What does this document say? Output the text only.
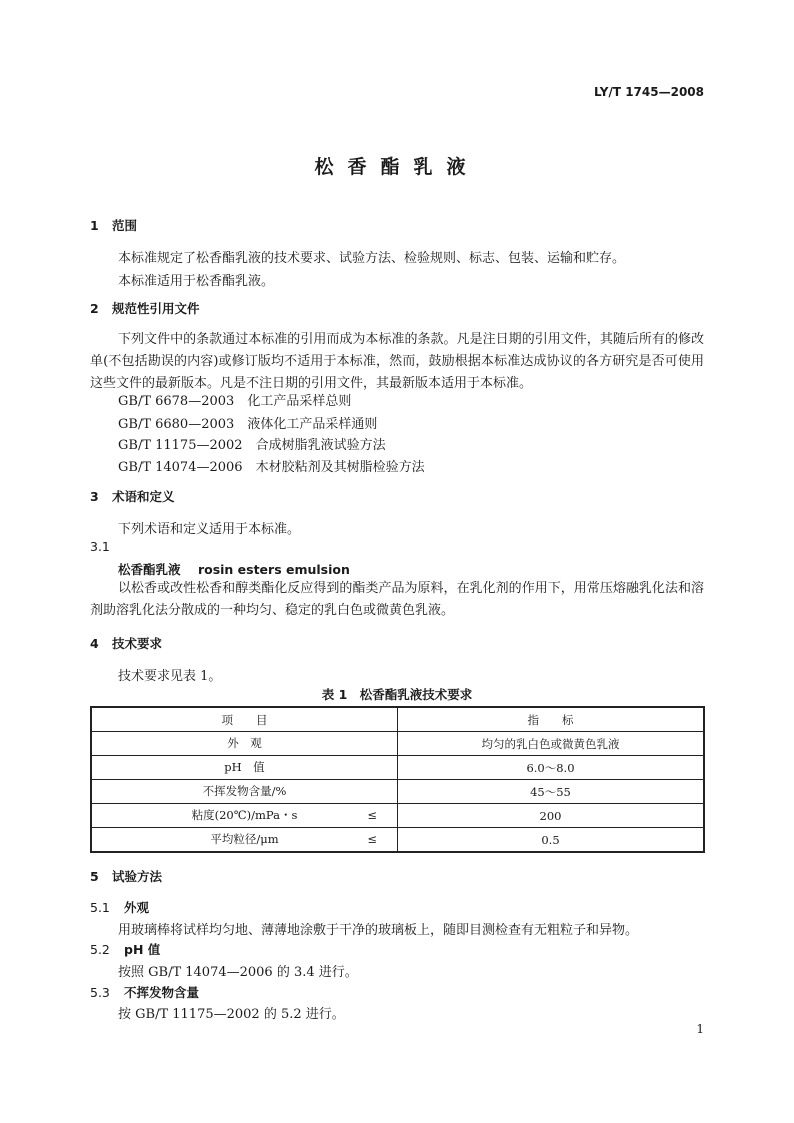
LY/T 1745—2008
松香酯乳液
1 范围
本标准规定了松香酯乳液的技术要求、试验方法、检验规则、标志、包装、运输和贮存。
本标准适用于松香酯乳液。
2 规范性引用文件
下列文件中的条款通过本标准的引用而成为本标准的条款。凡是注日期的引用文件，其随后所有的修改单(不包括勘误的内容)或修订版均不适用于本标准，然而，鼓励根据本标准达成协议的各方研究是否可使用这些文件的最新版本。凡是不注日期的引用文件，其最新版本适用于本标准。
GB/T 6678—2003　 化工产品采样总则
GB/T 6680—2003　 液体化工产品采样通则
GB/T 11175—2002　 合成树脂乳液试验方法
GB/T 14074—2006　 木材胶粘剂及其树脂检验方法
3 术语和定义
下列术语和定义适用于本标准。
3.1
松香酯乳液 rosin esters emulsion
以松香或改性松香和醇类酯化反应得到的酯类产品为原料，在乳化剂的作用下，用常压熔融乳化法和溶剂助溶乳化法分散成的一种均匀、稳定的乳白色或微黄色乳液。
4 技术要求
技术要求见表 1。
表 1　松香酯乳液技术要求
项　　目	指　　标

外　观	均匀的乳白色或微黄色乳液

pH　值	6.0～8.0

不挥发物含量/%	45～55

粘度(20℃)/mPa・s ≤	200

平均粒径/μm ≤	0.5
5 试验方法
5.1 外观
用玻璃棒将试样均匀地、薄薄地涂敷于干净的玻璃板上，随即目测检查有无粗粒子和异物。
5.2 pH 值
按照 GB/T 14074—2006 的 3.4 进行。
5.3 不挥发物含量
按 GB/T 11175—2002 的 5.2 进行。
1
